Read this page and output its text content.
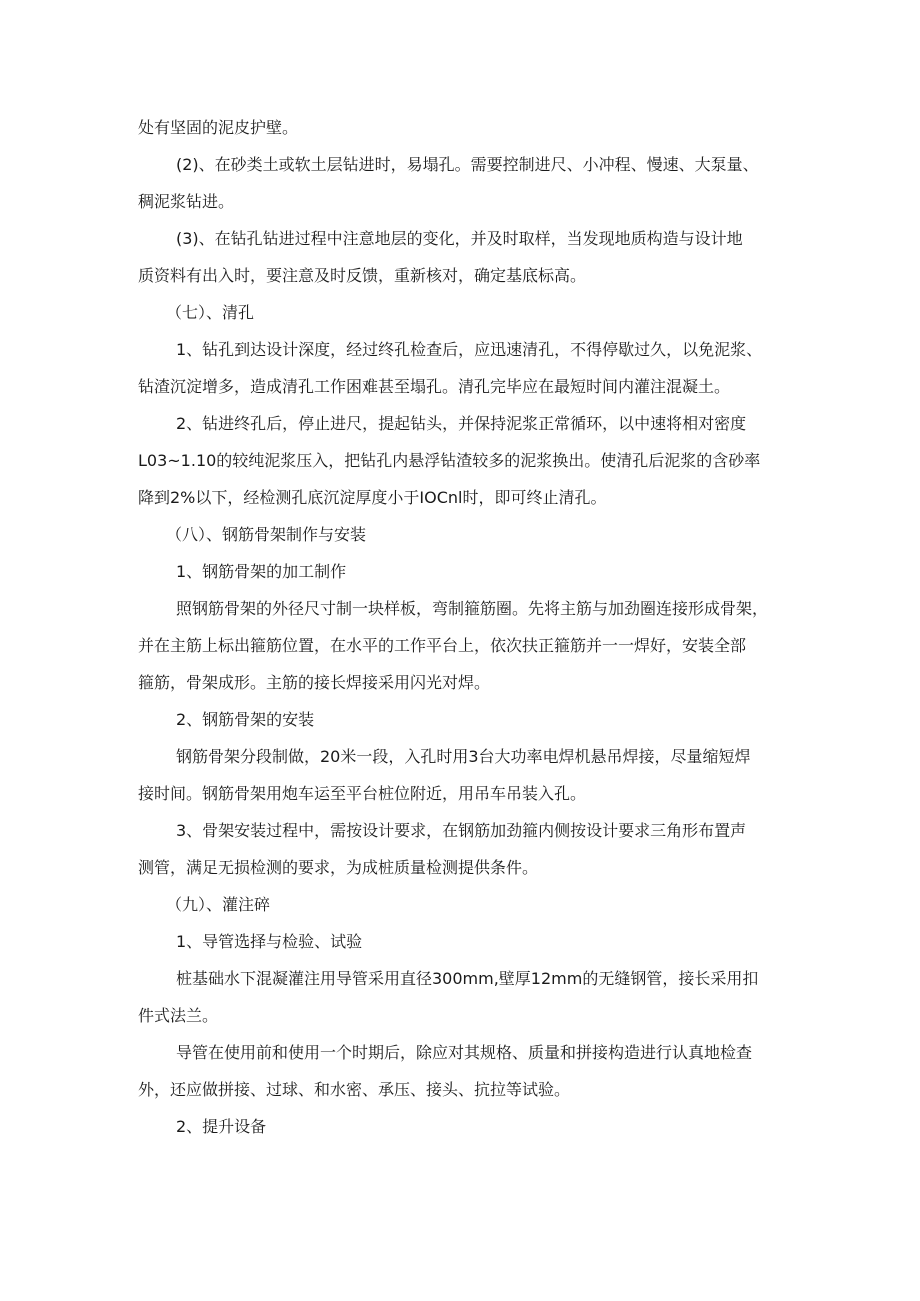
处有坚固的泥皮护壁。
(2)、在砂类土或软土层钻进时，易塌孔。需要控制进尺、小冲程、慢速、大泵量、
稠泥浆钻进。
(3)、在钻孔钻进过程中注意地层的变化，并及时取样，当发现地质构造与设计地
质资料有出入时，要注意及时反馈，重新核对，确定基底标高。
（七）、清孔
1、钻孔到达设计深度，经过终孔检查后，应迅速清孔，不得停歇过久，以免泥浆、
钻渣沉淀增多，造成清孔工作困难甚至塌孔。清孔完毕应在最短时间内灌注混凝土。
2、钻进终孔后，停止进尺，提起钻头，并保持泥浆正常循环，以中速将相对密度
L03~1.10的较纯泥浆压入，把钻孔内悬浮钻渣较多的泥浆换出。使清孔后泥浆的含砂率
降到2%以下，经检测孔底沉淀厚度小于IOCnl时，即可终止清孔。
（八）、钢筋骨架制作与安装
1、钢筋骨架的加工制作
照钢筋骨架的外径尺寸制一块样板，弯制箍筋圈。先将主筋与加劲圈连接形成骨架，
并在主筋上标出箍筋位置，在水平的工作平台上，依次扶正箍筋并一一焊好，安装全部
箍筋，骨架成形。主筋的接长焊接采用闪光对焊。
2、钢筋骨架的安装
钢筋骨架分段制做，20米一段，入孔时用3台大功率电焊机悬吊焊接，尽量缩短焊
接时间。钢筋骨架用炮车运至平台桩位附近，用吊车吊装入孔。
3、骨架安装过程中，需按设计要求，在钢筋加劲箍内侧按设计要求三角形布置声
测管，满足无损检测的要求，为成桩质量检测提供条件。
（九）、灌注碎
1、导管选择与检验、试验
桩基础水下混凝灌注用导管采用直径300mm,壁厚12mm的无缝钢管，接长采用扣
件式法兰。
导管在使用前和使用一个时期后，除应对其规格、质量和拼接构造进行认真地检查
外，还应做拼接、过球、和水密、承压、接头、抗拉等试验。
2、提升设备
